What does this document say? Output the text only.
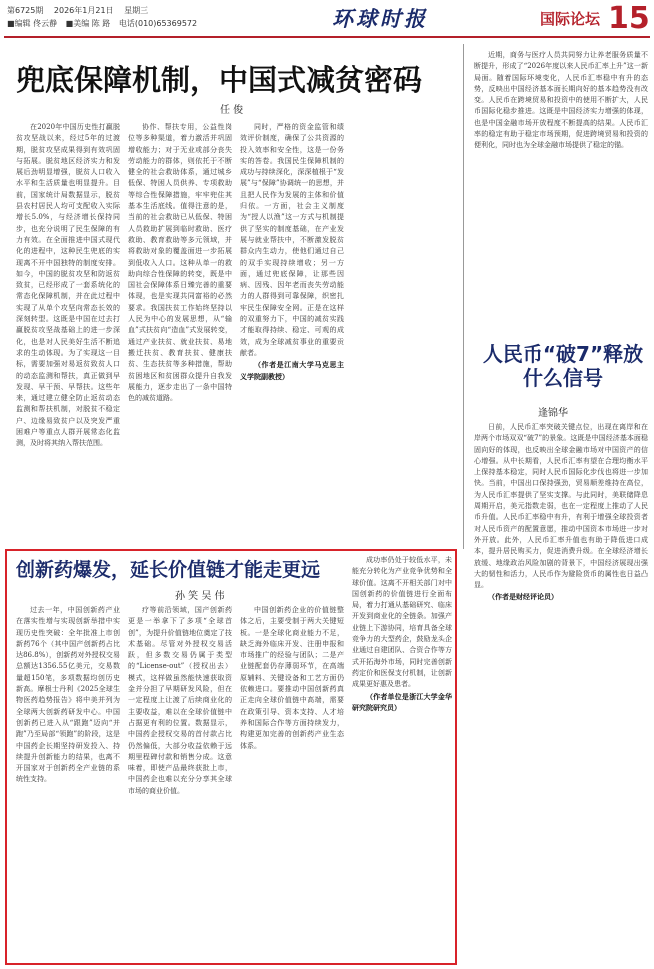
第6725期 2026年1月21日 星期三
■编辑 佟云静 ■美编 陈 路 电话(010)65369572	环球时报	国际论坛 15
兜底保障机制，中国式减贫密码
任 俊

在2020年中国历史性打赢脱贫攻坚战以来，经过5年的过渡期，脱贫攻坚成果得到有效巩固与拓展。脱贫地区经济实力和发展后劲明显增强，脱贫人口收入水平和生活质量也明显提升。目前，国家统计局数据显示，脱贫县农村居民人均可支配收入实际增长5.0%，与经济增长保持同步，也充分说明了民生保障的有力有效。在全面推进中国式现代化的进程中，这种民生兜底的实现离不开中国独特的制度安排。如今，中国的脱贫攻坚和防返贫致贫，已经形成了一套系统化的常态化保障机制，并在此过程中实现了从单个攻坚向常态长效的深刻转型。这既是中国在过去打赢脱贫攻坚战基础上的进一步深化，也是对人民美好生活不断追求的生动体现。为了实现这一目标，需要加强对易返贫致贫人口的动态监测和帮扶，真正做到早发现、早干预、早帮扶。这些年来，通过建立健全防止返贫动态监测和帮扶机制，对脱贫不稳定户、边缘易致贫户以及突发严重困难户等重点人群开展常态化监测，及时将其纳入帮扶范围。

协作、帮扶专用，公益性岗位等多种渠道，着力激活并巩固增收能力；对于无业或部分丧失劳动能力的群体，则依托于不断健全的社会救助体系，通过城乡低保、特困人员供养、专项救助等综合性保障措施，牢牢兜住其基本生活底线。值得注意的是，当前的社会救助已从低保、特困人员救助扩展到临时救助、医疗救助、教育救助等多元领域，并将救助对象的覆盖面进一步拓展到低收入人口。这种从单一的救助向综合性保障的转变，既是中国社会保障体系日臻完善的重要体现，也是实现共同富裕的必然要求。我国扶贫工作始终坚持以人民为中心的发展思想，从“输血”式扶贫向“造血”式发展转变，通过产业扶贫、就业扶贫、易地搬迁扶贫、教育扶贫、健康扶贫、生态扶贫等多种措施，帮助贫困地区和贫困群众提升自我发展能力，逐步走出了一条中国特色的减贫道路。

同时，严格的资金监管和绩效评价制度，确保了公共资源的投入效率和安全性，这是一份务实的答卷。我国民生保障机制的成功与持续深化，深深植根于“发展”与“保障”协调统一的思想，并且把人民作为发展的主体和价值归依。一方面，社会主义制度为“授人以渔”这一方式与机制提供了坚实的制度基础，在产业发展与就业帮扶中，不断激发脱贫群众内生动力，使他们通过自己的双手实现持续增收；另一方面，通过兜底保障，让那些因病、因残、因年老而丧失劳动能力的人群得到可靠保障，织密扎牢民生保障安全网。正是在这样的双重努力下，中国的减贫实践才能取得持续、稳定、可观的成效，成为全球减贫事业的重要贡献者。

（作者是江南大学马克思主义学院副教授）

近期，商务与医疗人员共同努力让养老服务质量不断提升，形成了“2026年度以来人民币汇率上升”这一新局面。随着国际环境变化，人民币汇率稳中有升的态势，反映出中国经济基本面长期向好的基本趋势没有改变。人民币在跨境贸易和投资中的使用不断扩大，人民币国际化稳步推进。这既是中国经济实力增强的体现，也是中国金融市场开放程度不断提高的结果。人民币汇率的稳定有助于稳定市场预期，促进跨境贸易和投资的便利化，同时也为全球金融市场提供了稳定的锚。

人民币“破7”释放什么信号
逢锦华

日前，人民币汇率突破关键点位，出现在离岸和在岸两个市场双双“破7”的景象。这既是中国经济基本面稳固向好的体现，也反映出全球金融市场对中国资产的信心增强。从中长期看，人民币汇率有望在合理均衡水平上保持基本稳定，同时人民币国际化步伐也将进一步加快。当前，中国出口保持强劲，贸易顺差维持在高位，为人民币汇率提供了坚实支撑。与此同时，美联储降息周期开启，美元指数走弱，也在一定程度上推动了人民币升值。人民币汇率稳中有升，有利于增强全球投资者对人民币资产的配置意愿，推动中国资本市场进一步对外开放。此外，人民币汇率升值也有助于降低进口成本，提升居民购买力，促进消费升级。在全球经济增长放缓、地缘政治风险加剧的背景下，中国经济展现出强大的韧性和活力，人民币作为避险货币的属性也日益凸显。

（作者是财经评论员）

创新药爆发，延长价值链才能走更远
孙 笑 吴 伟

过去一年，中国创新药产业在落实性增与实现创新举措中实现历史性突破：全年批准上市创新药76个（其中国产创新药占比达86.8%），创新药对外授权交易总额达1356.55亿美元，交易数量超150笔，多项数据均创历史新高。摩根士丹利《2025全球生物医药趋势报告》将中美并列为全球两大创新药研发中心。中国创新药已进入从“跟跑”迈向“并跑”乃至局部“领跑”的阶段，这是中国药企长期坚持研发投入、持续提升创新能力的结果，也离不开国家对于创新药全产业链的系统性支持。

疗等前沿领域，国产创新药更是一举拿下了多项“全球首创”，为提升价值链地位奠定了技术基础。尽管对外授权交易活跃，但多数交易仍属于类型的“License-out”（授权出去）模式，这样做虽然能快速获取资金并分担了早期研发风险，但在一定程度上让渡了后续商业化的主要收益，难以在全球价值链中占据更有利的位置。数据显示，中国药企授权交易的首付款占比仍然偏低，大部分收益依赖于远期里程碑付款和销售分成。这意味着，即使产品最终获批上市，中国药企也难以充分分享其全球市场的商业价值。

中国创新药企业的价值链整体之后，主要受制于两大关键短板。一是全球化商业能力不足，缺乏海外临床开发、注册申报和市场推广的经验与团队；二是产业链配套仍存薄弱环节，在高端原辅料、关键设备和工艺方面仍依赖进口。要推动中国创新药真正走向全球价值链中高端，需要在政策引导、资本支持、人才培养和国际合作等方面持续发力，构建更加完善的创新药产业生态体系。

成功率仍处于较低水平，未能充分转化为产业竞争优势和全球价值。这离不开相关部门对中国创新药的价值链进行全面布局，着力打通从基础研究、临床开发到商业化的全链条。加强产业链上下游协同，培育具备全球竞争力的大型药企，鼓励龙头企业通过自建团队、合资合作等方式开拓海外市场，同时完善创新药定价和医保支付机制，让创新成果更好惠及患者。

（作者单位是浙江大学金华研究院研究员）
